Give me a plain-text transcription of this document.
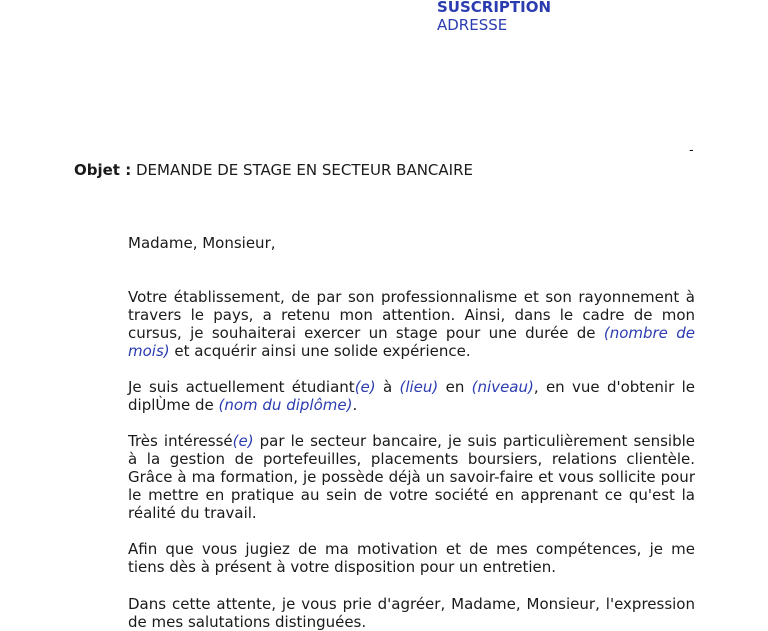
SUSCRIPTION
ADRESSE
-
Objet : DEMANDE DE STAGE EN SECTEUR BANCAIRE
Madame, Monsieur,

Votre établissement, de par son professionnalisme et son rayonnement à travers le pays, a retenu mon attention. Ainsi, dans le cadre de mon cursus, je souhaiterai exercer un stage pour une durée de (nombre de mois) et acquérir ainsi une solide expérience.

Je suis actuellement étudiant(e) à (lieu) en (niveau), en vue d'obtenir le diplÙme de (nom du diplôme).

Très intéressé(e) par le secteur bancaire, je suis particulièrement sensible à la gestion de portefeuilles, placements boursiers, relations clientèle. Grâce à ma formation, je possède déjà un savoir-faire et vous sollicite pour le mettre en pratique au sein de votre société en apprenant ce qu'est la réalité du travail.

Afin que vous jugiez de ma motivation et de mes compétences, je me tiens dès à présent à votre disposition pour un entretien.

Dans cette attente, je vous prie d'agréer, Madame, Monsieur, l'expression de mes salutations distinguées.
